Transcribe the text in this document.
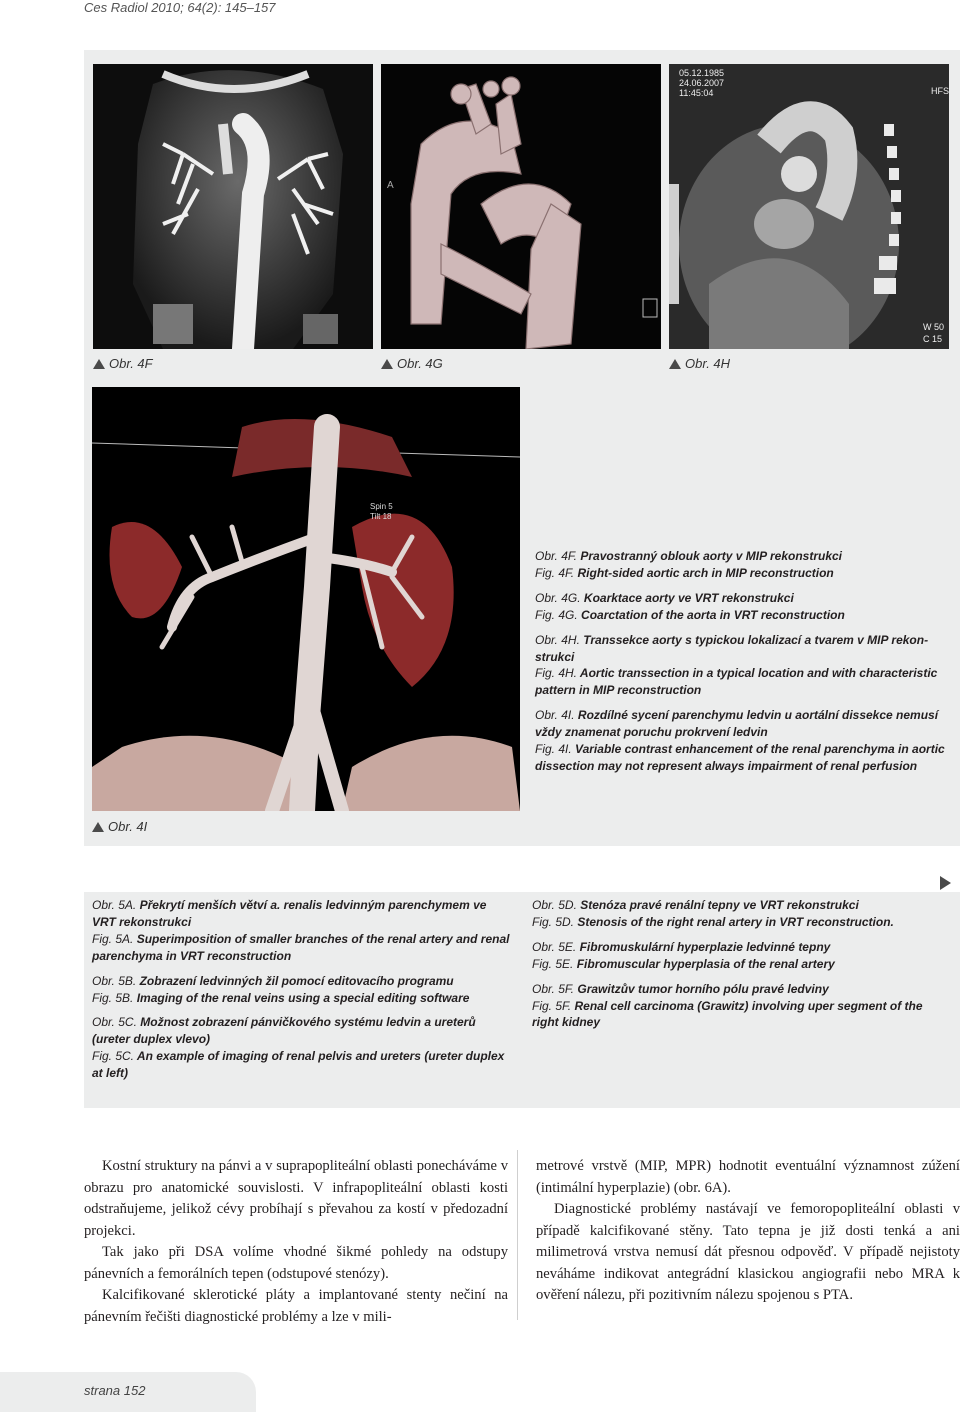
Ces Radiol 2010; 64(2): 145–157
A
05.12.1985
24.06.2007
11:45:04	HFS
W 50
C 15
Obr. 4F	Obr. 4G	Obr. 4H
Spin 5
Tilt 18
Obr. 4I

Obr. 4F. Pravostranný oblouk aorty v MIP rekonstrukci
Fig. 4F. Right-sided aortic arch in MIP reconstruction

Obr. 4G. Koarktace aorty ve VRT rekonstrukci
Fig. 4G. Coarctation of the aorta in VRT reconstruction

Obr. 4H. Transsekce aorty s typickou lokalizací a tvarem v MIP rekonstrukci
Fig. 4H. Aortic transsection in a typical location and with characteristic pattern in MIP reconstruction

Obr. 4I. Rozdílné sycení parenchymu ledvin u aortální dissekce nemusí vždy znamenat poruchu prokrvení ledvin
Fig. 4I. Variable contrast enhancement of the renal parenchyma in aortic dissection may not represent always impairment of renal perfusion

Obr. 5A. Překrytí menších větví a. renalis ledvinným parenchymem ve VRT rekonstrukci
Fig. 5A. Superimposition of smaller branches of the renal artery and renal parenchyma in VRT reconstruction

Obr. 5B. Zobrazení ledvinných žil pomocí editovacího programu
Fig. 5B. Imaging of the renal veins using a special editing software

Obr. 5C. Možnost zobrazení pánvičkového systému ledvin a ureterů (ureter duplex vlevo)
Fig. 5C. An example of imaging of renal pelvis and ureters (ureter duplex at left)

Obr. 5D. Stenóza pravé renální tepny ve VRT rekonstrukci
Fig. 5D. Stenosis of the right renal artery in VRT reconstruction.

Obr. 5E. Fibromuskulární hyperplazie ledvinné tepny
Fig. 5E. Fibromuscular hyperplasia of the renal artery

Obr. 5F. Grawitzův tumor horního pólu pravé ledviny
Fig. 5F. Renal cell carcinoma (Grawitz) involving uper segment of the right kidney

Kostní struktury na pánvi a v suprapopliteální oblasti ponecháváme v obrazu pro anatomické souvislosti. V infrapopliteální oblasti kosti odstraňujeme, jelikož cévy probíhají s převahou za kostí v předozadní projekci.

Tak jako při DSA volíme vhodné šikmé pohledy na odstupy pánevních a femorálních tepen (odstupové stenózy).

Kalcifikované sklerotické pláty a implantované stenty nečiní na pánevním řečišti diagnostické problémy a lze v mili-

metrové vrstvě (MIP, MPR) hodnotit eventuální významnost zúžení (intimální hyperplazie) (obr. 6A).

Diagnostické problémy nastávají ve femoropopliteální oblasti v případě kalcifikované stěny. Tato tepna je již dosti tenká a ani milimetrová vrstva nemusí dát přesnou odpověď. V případě nejistoty neváháme indikovat antegrádní klasickou angiografii nebo MRA k ověření nálezu, při pozitivním nálezu spojenou s PTA.

strana 152
